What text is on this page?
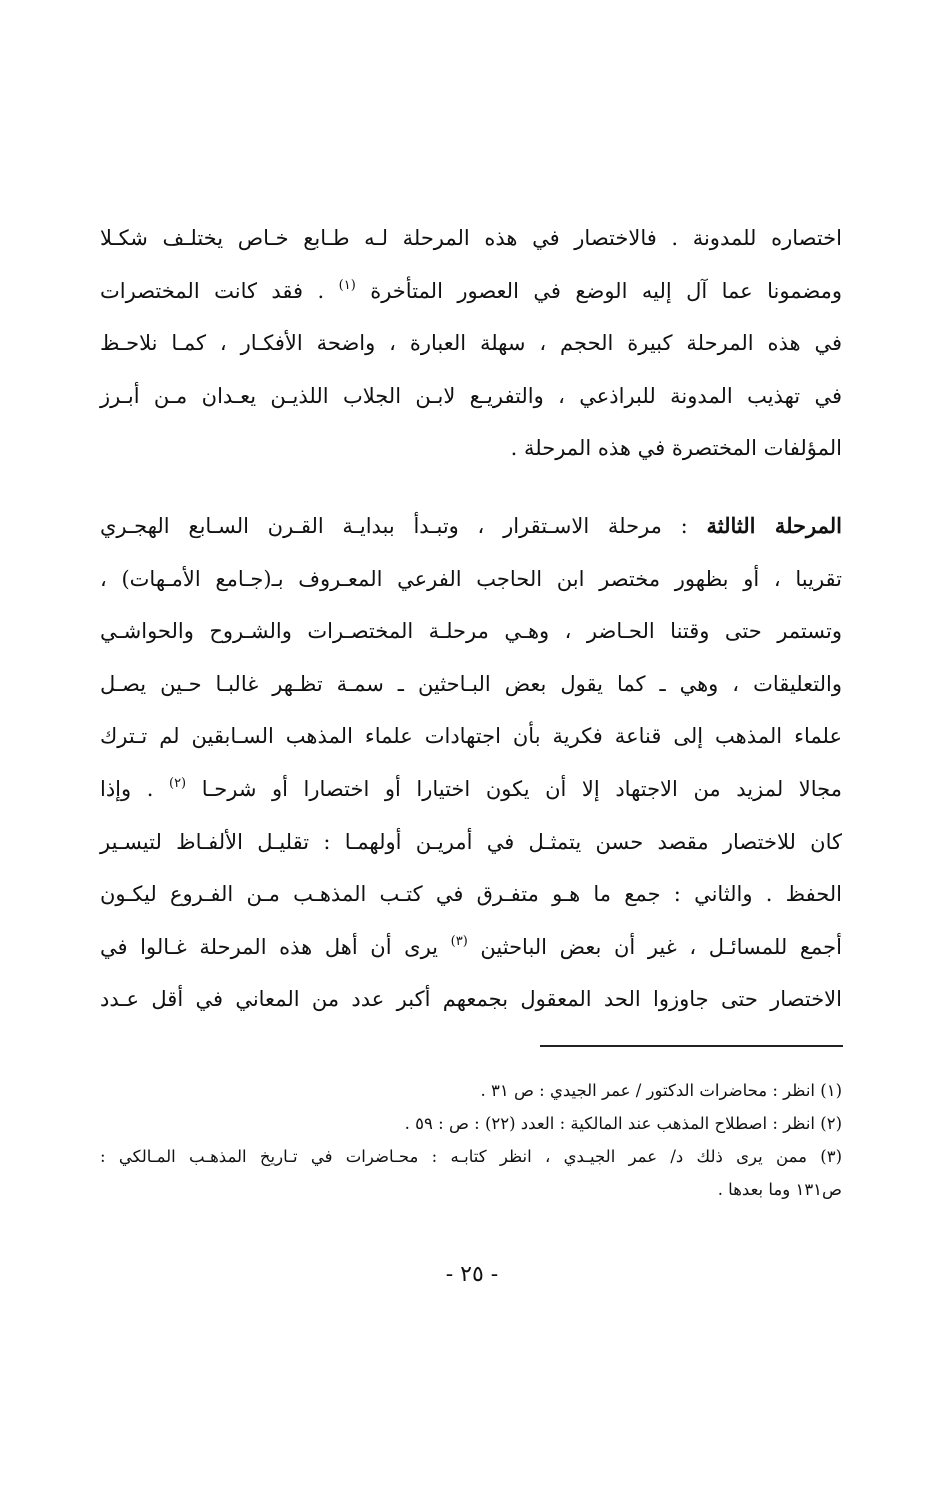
اختصاره للمدونة . فالاختصار في هذه المرحلة لـه طـابع خـاص يختلـف شكـلا
ومضمونا عما آل إليه الوضع في العصور المتأخرة $^{(١)}$ . فقد كانت المختصرات
في هذه المرحلة كبيرة الحجم ، سهلة العبارة ، واضحة الأفكـار ، كمـا نلاحـظ
في تهذيب المدونة للبراذعي ، والتفريـع لابـن الجلاب اللذيـن يعـدان مـن أبـرز
المؤلفات المختصرة في هذه المرحلة .
المرحلة الثالثة : مرحلة الاسـتقرار ، وتبـدأ ببدايـة القـرن السـابع الهجـري
تقريبا ، أو بظهور مختصر ابن الحاجب الفرعي المعـروف بـ(جـامع الأمـهات) ،
وتستمر حتى وقتنا الحـاضر ، وهـي مرحلـة المختصـرات والشـروح والحواشـي
والتعليقات ، وهي ـ كما يقول بعض البـاحثين ـ سمـة تظـهر غالبـا حـين يصـل
علماء المذهب إلى قناعة فكرية بأن اجتهادات علماء المذهب السـابقين لم تـترك
مجالا لمزيد من الاجتهاد إلا أن يكون اختيارا أو اختصارا أو شرحـا $^{(٢)}$ . وإذا
كان للاختصار مقصد حسن يتمثـل في أمريـن أولهمـا : تقليـل الألفـاظ لتيسـير
الحفظ . والثاني : جمع ما هـو متفـرق في كتـب المذهـب مـن الفـروع ليكـون
أجمع للمسائـل ، غير أن بعض الباحثين $^{(٣)}$ يرى أن أهل هذه المرحلة غـالوا في
الاختصار حتى جاوزوا الحد المعقول بجمعهم أكبر عدد من المعاني في أقل عـدد
(١) انظر : محاضرات الدكتور / عمر الجيدي : ص ٣١ .
(٢) انظر : اصطلاح المذهب عند المالكية : العدد (٢٢) : ص : ٥٩ .
(٣) ممن يرى ذلك د/ عمر الجيـدي ، انظر كتابـه : محـاضرات في تـاريخ المذهـب المـالكي :
ص١٣١ وما بعدها .
- ٢٥ -
